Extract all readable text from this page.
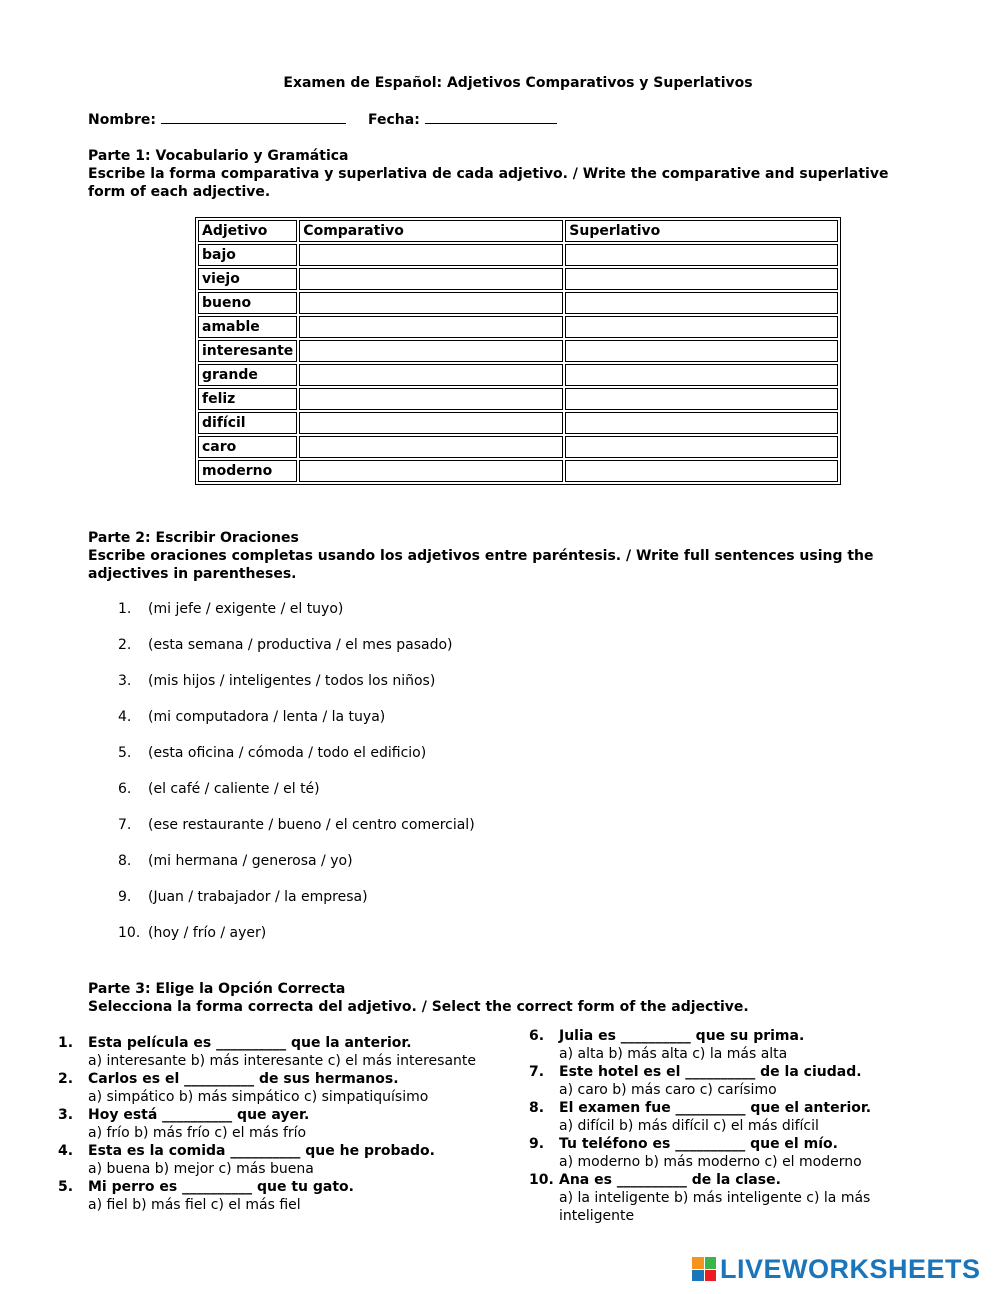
Examen de Español: Adjetivos Comparativos y Superlativos
Nombre:	Fecha:
Parte 1: Vocabulario y Gramática
Escribe la forma comparativa y superlativa de cada adjetivo. / Write the comparative and superlative form of each adjective.
Adjetivo	Comparativo	Superlativo
bajo		
viejo		
bueno		
amable		
interesante		
grande		
feliz		
difícil		
caro		
moderno		
Parte 2: Escribir Oraciones
Escribe oraciones completas usando los adjetivos entre paréntesis. / Write full sentences using the adjectives in parentheses.
1. (mi jefe / exigente / el tuyo)
2. (esta semana / productiva / el mes pasado)
3. (mis hijos / inteligentes / todos los niños)
4. (mi computadora / lenta / la tuya)
5. (esta oficina / cómoda / todo el edificio)
6. (el café / caliente / el té)
7. (ese restaurante / bueno / el centro comercial)
8. (mi hermana / generosa / yo)
9. (Juan / trabajador / la empresa)
10. (hoy / frío / ayer)
Parte 3: Elige la Opción Correcta
Selecciona la forma correcta del adjetivo. / Select the correct form of the adjective.
1. Esta película es __________ que la anterior.
a) interesante b) más interesante c) el más interesante
2. Carlos es el __________ de sus hermanos.
a) simpático b) más simpático c) simpatiquísimo
3. Hoy está __________ que ayer.
a) frío b) más frío c) el más frío
4. Esta es la comida __________ que he probado.
a) buena b) mejor c) más buena
5. Mi perro es __________ que tu gato.
a) fiel b) más fiel c) el más fiel
6. Julia es __________ que su prima.
a) alta b) más alta c) la más alta
7. Este hotel es el __________ de la ciudad.
a) caro b) más caro c) carísimo
8. El examen fue __________ que el anterior.
a) difícil b) más difícil c) el más difícil
9. Tu teléfono es __________ que el mío.
a) moderno b) más moderno c) el moderno
10. Ana es __________ de la clase.
a) la inteligente b) más inteligente c) la más
inteligente
LIVEWORKSHEETS
